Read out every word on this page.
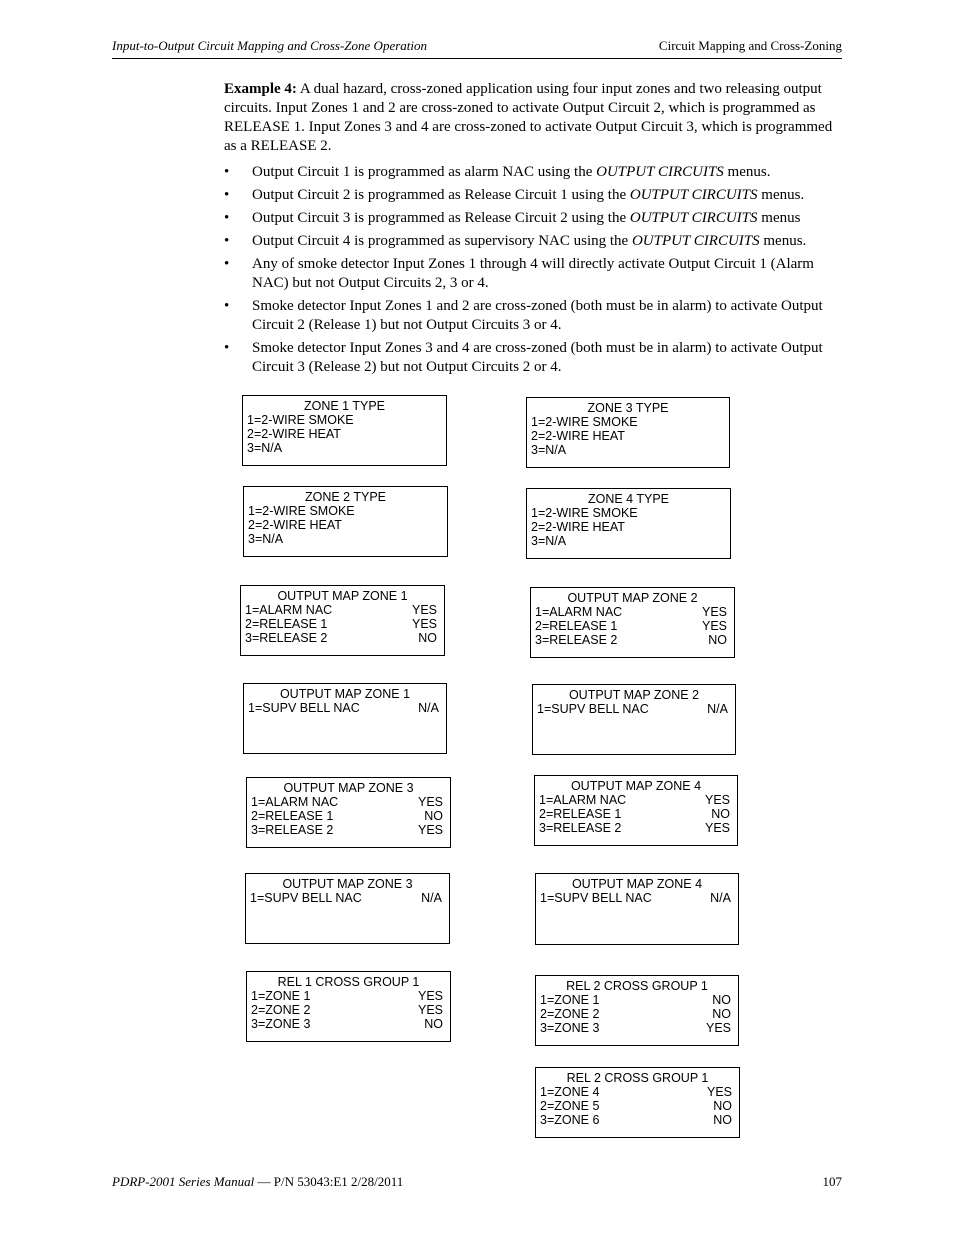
Input-to-Output Circuit Mapping and Cross-Zone Operation	Circuit Mapping and Cross-Zoning

Example 4: A dual hazard, cross-zoned application using four input zones and two releasing output circuits. Input Zones 1 and 2 are cross-zoned to activate Output Circuit 2, which is programmed as RELEASE 1. Input Zones 3 and 4 are cross-zoned to activate Output Circuit 3, which is programmed as a RELEASE 2.

• Output Circuit 1 is programmed as alarm NAC using the OUTPUT CIRCUITS menus.
• Output Circuit 2 is programmed as Release Circuit 1 using the OUTPUT CIRCUITS menus.
• Output Circuit 3 is programmed as Release Circuit 2 using the OUTPUT CIRCUITS menus
• Output Circuit 4 is programmed as supervisory NAC using the OUTPUT CIRCUITS menus.
• Any of smoke detector Input Zones 1 through 4 will directly activate Output Circuit 1 (Alarm NAC) but not Output Circuits 2, 3 or 4.
• Smoke detector Input Zones 1 and 2 are cross-zoned (both must be in alarm) to activate Output Circuit 2 (Release 1) but not Output Circuits 3 or 4.
• Smoke detector Input Zones 3 and 4 are cross-zoned (both must be in alarm) to activate Output Circuit 3 (Release 2) but not Output Circuits 2 or 4.
ZONE 1 TYPE
1=2-WIRE SMOKE
2=2-WIRE HEAT
3=N/A
ZONE 3 TYPE
1=2-WIRE SMOKE
2=2-WIRE HEAT
3=N/A
ZONE 2 TYPE
1=2-WIRE SMOKE
2=2-WIRE HEAT
3=N/A
ZONE 4 TYPE
1=2-WIRE SMOKE
2=2-WIRE HEAT
3=N/A
OUTPUT MAP ZONE 1
1=ALARM NAC	YES
2=RELEASE 1	YES
3=RELEASE 2	NO
OUTPUT MAP ZONE 2
1=ALARM NAC	YES
2=RELEASE 1	YES
3=RELEASE 2	NO
OUTPUT MAP ZONE 1
1=SUPV BELL NAC	N/A
OUTPUT MAP ZONE 2
1=SUPV BELL NAC	N/A
OUTPUT MAP ZONE 3
1=ALARM NAC	YES
2=RELEASE 1	NO
3=RELEASE 2	YES
OUTPUT MAP ZONE 4
1=ALARM NAC	YES
2=RELEASE 1	NO
3=RELEASE 2	YES
OUTPUT MAP ZONE 3
1=SUPV BELL NAC	N/A
OUTPUT MAP ZONE 4
1=SUPV BELL NAC	N/A
REL 1 CROSS GROUP 1
1=ZONE 1	YES
2=ZONE 2	YES
3=ZONE 3	NO
REL 2 CROSS GROUP 1
1=ZONE 1	NO
2=ZONE 2	NO
3=ZONE 3	YES
REL 2 CROSS GROUP 1
1=ZONE 4	YES
2=ZONE 5	NO
3=ZONE 6	NO
PDRP-2001 Series Manual — P/N 53043:E1 2/28/2011	107
